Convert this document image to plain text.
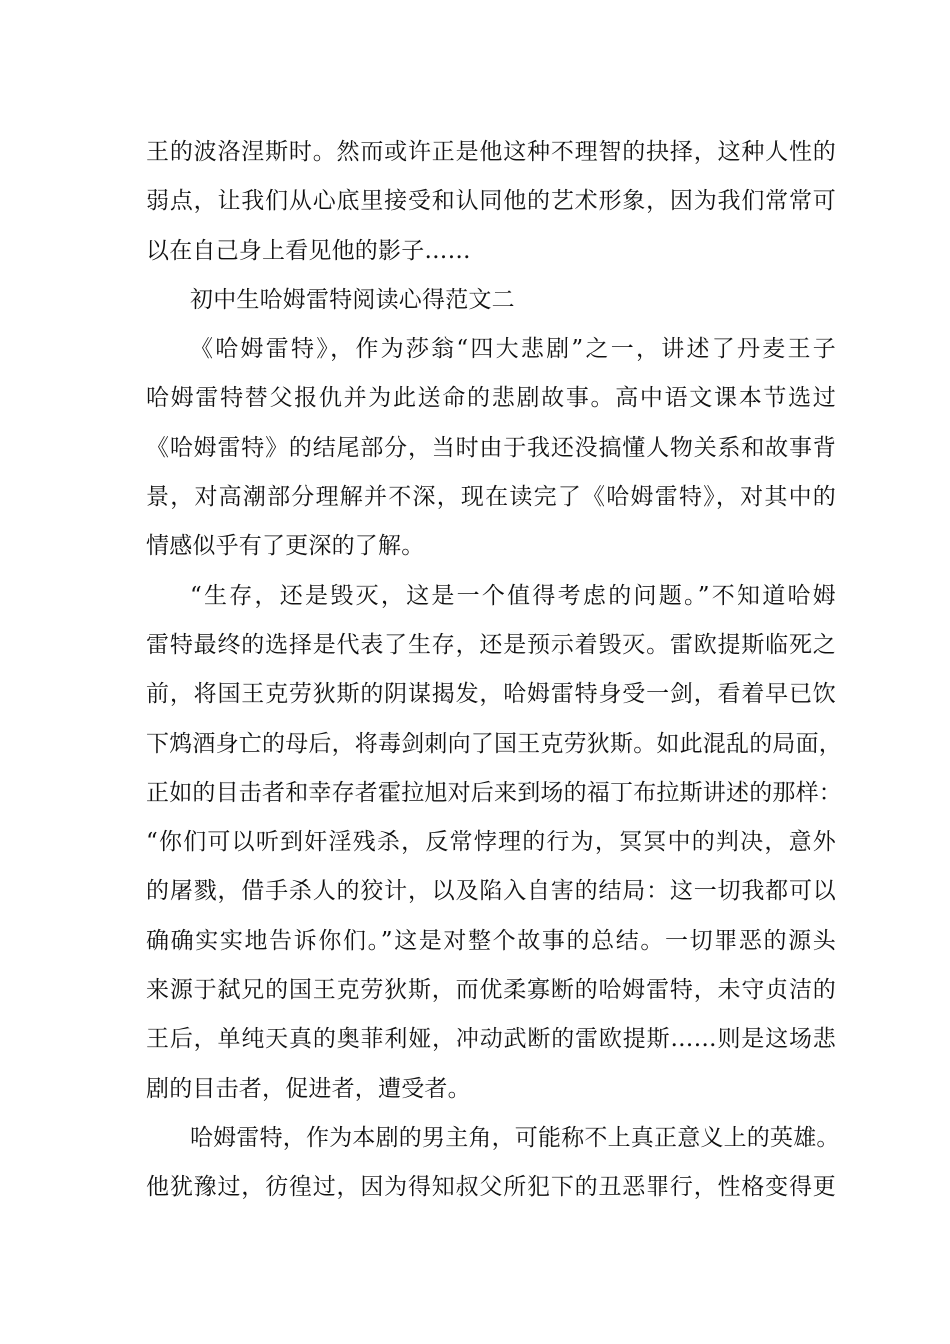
王的波洛涅斯时。然而或许正是他这种不理智的抉择，这种人性的
弱点，让我们从心底里接受和认同他的艺术形象，因为我们常常可
以在自己身上看见他的影子……
初中生哈姆雷特阅读心得范文二
《哈姆雷特》，作为莎翁“四大悲剧”之一，讲述了丹麦王子
哈姆雷特替父报仇并为此送命的悲剧故事。高中语文课本节选过
《哈姆雷特》的结尾部分，当时由于我还没搞懂人物关系和故事背
景，对高潮部分理解并不深，现在读完了《哈姆雷特》，对其中的
情感似乎有了更深的了解。
“生存，还是毁灭，这是一个值得考虑的问题。”不知道哈姆
雷特最终的选择是代表了生存，还是预示着毁灭。雷欧提斯临死之
前，将国王克劳狄斯的阴谋揭发，哈姆雷特身受一剑，看着早已饮
下鸩酒身亡的母后，将毒剑刺向了国王克劳狄斯。如此混乱的局面，
正如的目击者和幸存者霍拉旭对后来到场的福丁布拉斯讲述的那样：
“你们可以听到奸淫残杀，反常悖理的行为，冥冥中的判决，意外
的屠戮，借手杀人的狡计，以及陷入自害的结局：这一切我都可以
确确实实地告诉你们。”这是对整个故事的总结。一切罪恶的源头
来源于弑兄的国王克劳狄斯，而优柔寡断的哈姆雷特，未守贞洁的
王后，单纯天真的奥菲利娅，冲动武断的雷欧提斯……则是这场悲
剧的目击者，促进者，遭受者。
哈姆雷特，作为本剧的男主角，可能称不上真正意义上的英雄。
他犹豫过，彷徨过，因为得知叔父所犯下的丑恶罪行，性格变得更
